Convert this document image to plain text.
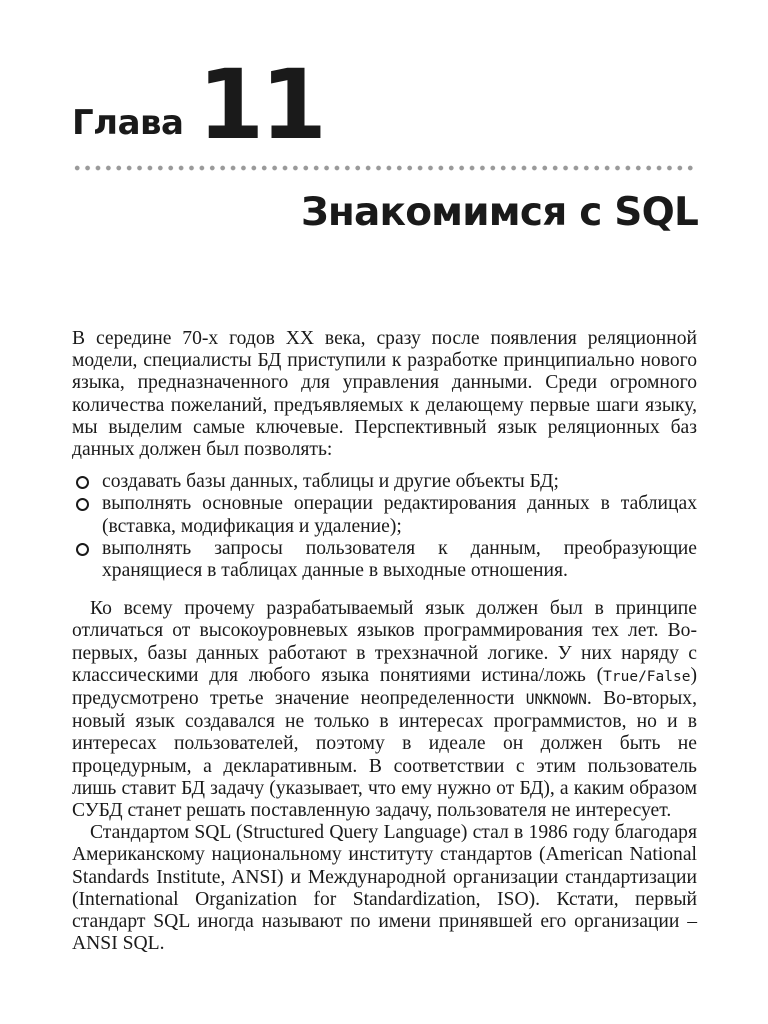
Глава 11
Знакомимся с SQL

В середине 70-х годов XX века, сразу после появления реляционной модели, специалисты БД приступили к разработке принципиально нового языка, предназначенного для управления данными. Среди огромного количества пожеланий, предъявляемых к делающему первые шаги языку, мы выделим самые ключевые. Перспективный язык реляционных баз данных должен был позволять:

создавать базы данных, таблицы и другие объекты БД;
выполнять основные операции редактирования данных в таблицах (вставка, модификация и удаление);
выполнять запросы пользователя к данным, преобразующие хранящиеся в таблицах данные в выходные отношения.

Ко всему прочему разрабатываемый язык должен был в принципе отличаться от высокоуровневых языков программирования тех лет. Во-первых, базы данных работают в трехзначной логике. У них наряду с классическими для любого языка понятиями истина/ложь (True/False) предусмотрено третье значение неопределенности UNKNOWN. Во-вторых, новый язык создавался не только в интересах программистов, но и в интересах пользователей, поэтому в идеале он должен быть не процедурным, а декларативным. В соответствии с этим пользователь лишь ставит БД задачу (указывает, что ему нужно от БД), а каким образом СУБД станет решать поставленную задачу, пользователя не интересует.

Стандартом SQL (Structured Query Language) стал в 1986 году благодаря Американскому национальному институту стандартов (American National Standards Institute, ANSI) и Международной организации стандартизации (International Organization for Standardization, ISO). Кстати, первый стандарт SQL иногда называют по имени принявшей его организации – ANSI SQL.
